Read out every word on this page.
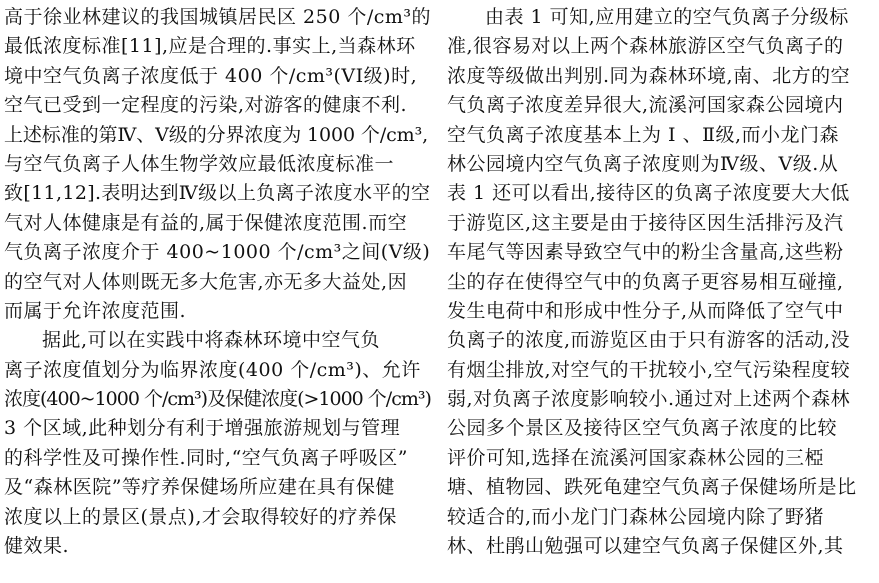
高于徐业林建议的我国城镇居民区 250 个/cm³的
最低浓度标准[11],应是合理的.事实上,当森林环
境中空气负离子浓度低于 400 个/cm³(VI级)时,
空气已受到一定程度的污染,对游客的健康不利.
上述标准的第Ⅳ、Ⅴ级的分界浓度为 1000 个/cm³,
与空气负离子人体生物学效应最低浓度标准一
致[11,12].表明达到Ⅳ级以上负离子浓度水平的空
气对人体健康是有益的,属于保健浓度范围.而空
气负离子浓度介于 400~1000 个/cm³之间(Ⅴ级)
的空气对人体则既无多大危害,亦无多大益处,因
而属于允许浓度范围.
据此,可以在实践中将森林环境中空气负
离子浓度值划分为临界浓度(400 个/cm³)、允许
浓度(400~1000 个/cm³)及保健浓度(>1000 个/cm³)
3 个区域,此种划分有利于增强旅游规划与管理
的科学性及可操作性.同时,“空气负离子呼吸区”
及“森林医院”等疗养保健场所应建在具有保健
浓度以上的景区(景点),才会取得较好的疗养保
健效果.
由表 1 可知,应用建立的空气负离子分级标
准,很容易对以上两个森林旅游区空气负离子的
浓度等级做出判别.同为森林环境,南、北方的空
气负离子浓度差异很大,流溪河国家森公园境内
空气负离子浓度基本上为 Ⅰ 、Ⅱ级,而小龙门森
林公园境内空气负离子浓度则为Ⅳ级、Ⅴ级.从
表 1 还可以看出,接待区的负离子浓度要大大低
于游览区,这主要是由于接待区因生活排污及汽
车尾气等因素导致空气中的粉尘含量高,这些粉
尘的存在使得空气中的负离子更容易相互碰撞,
发生电荷中和形成中性分子,从而降低了空气中
负离子的浓度,而游览区由于只有游客的活动,没
有烟尘排放,对空气的干扰较小,空气污染程度较
弱,对负离子浓度影响较小.通过对上述两个森林
公园多个景区及接待区空气负离子浓度的比较
评价可知,选择在流溪河国家森林公园的三椏
塘、植物园、跌死龟建空气负离子保健场所是比
较适合的,而小龙门门森林公园境内除了野猪
林、杜鹃山勉强可以建空气负离子保健区外,其
